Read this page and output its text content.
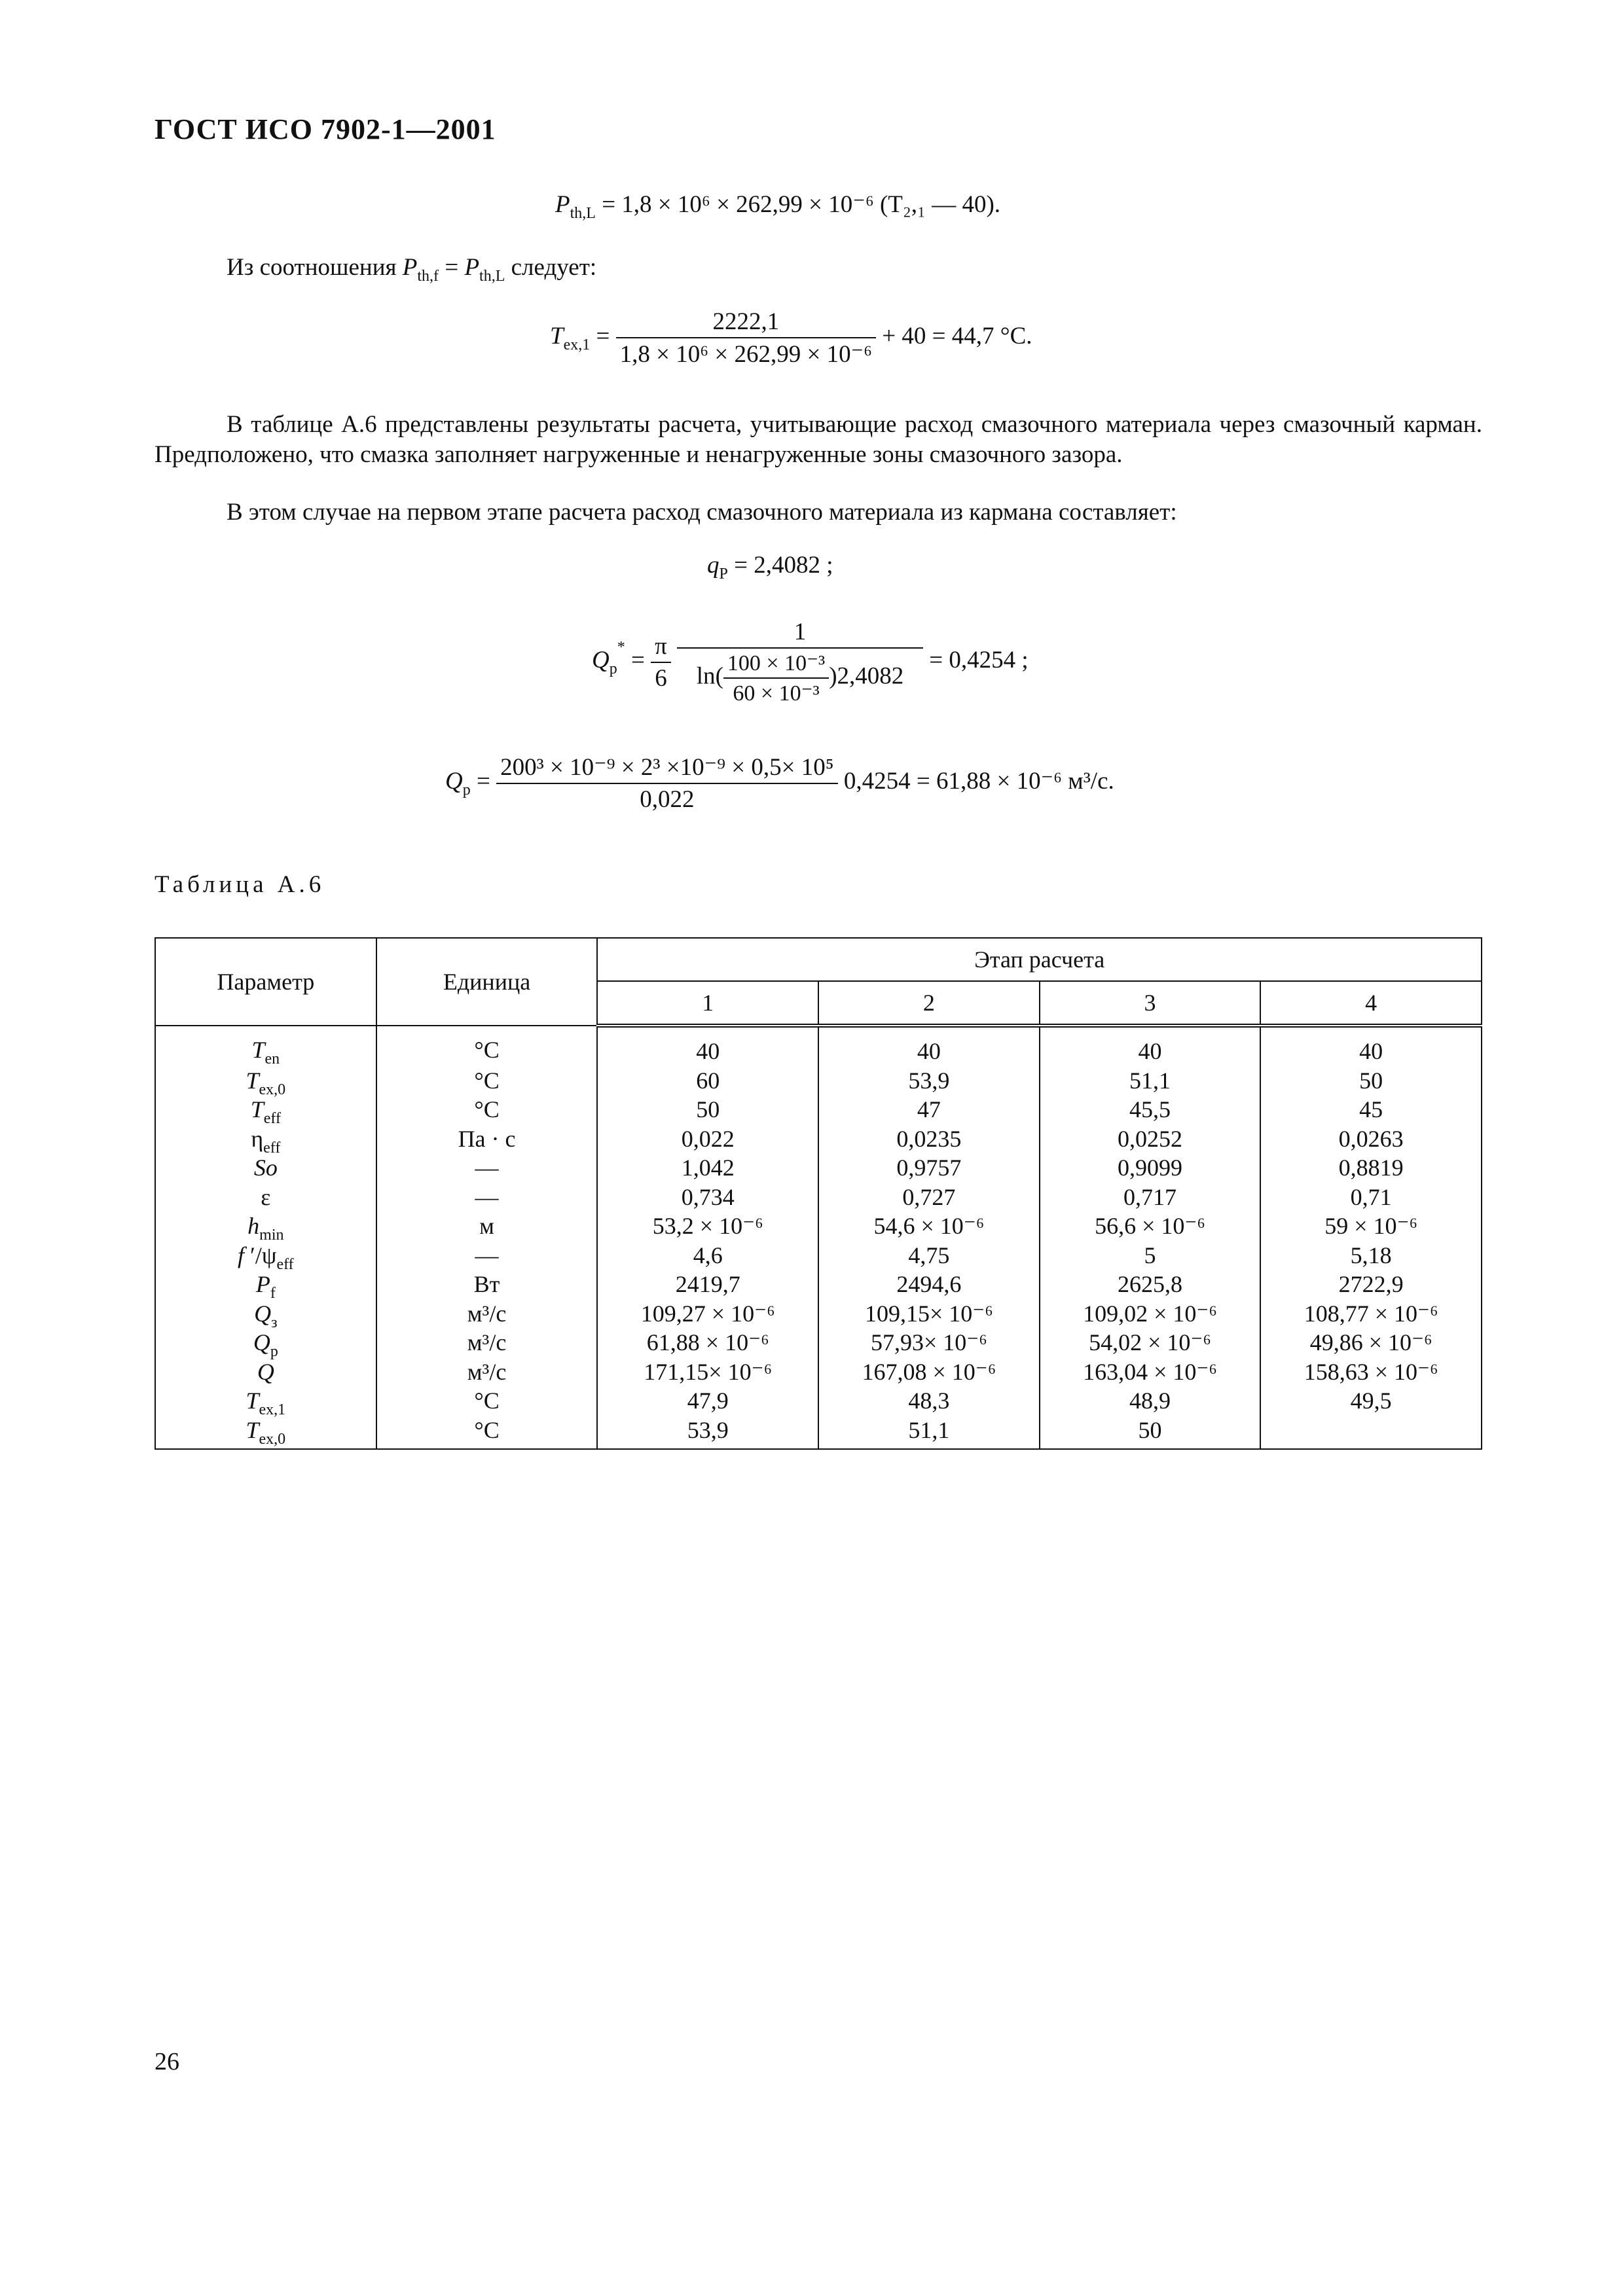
ГОСТ ИСО 7902-1—2001
$P_{th,L} = 1,8 \times 10^6 \times 262,99 \times 10^{-6}$ (T₂,₁ — 40).
Из соотношения $P_{th,f} = P_{th,L}$ следует:
$T_{ex,1} = \frac{2222,1}{\text{1,8 × 10⁶ × 262,99 × 10⁻⁶}} + 40 = 44,7$ °С.
В таблице А.6 представлены результаты расчета, учитывающие расход смазочного материала через смазочный карман. Предположено, что смазка заполняет нагруженные и ненагруженные зоны смазочного зазора.
В этом случае на первом этапе расчета расход смазочного материала из кармана составляет:
$q_P = 2,4082$ ;
$Q_p^* = \frac{\pi}{6}$
$\frac{1}{\ln( \frac{\text{100 × 10⁻³}}{\text{60 × 10⁻³}} )2,4082} = 0,4254$ ;
$Q_p = \frac{\text{200³ × 10⁻⁹ × 2³ ×10⁻⁹ × 0,5× 10⁵}}{0,022} 0,4254 = 61,88 \times 10^{-6}$ м³/с.
Таблица А.6
Параметр	Единица	Этап расчета			
		1	2	3	4
$T_{en}$	°С	40	40	40	40
$T_{ex,0}$	°С	60	53,9	51,1	50
$T_{eff}$	°С	50	47	45,5	45
$\eta_{eff}$	Па · с	0,022	0,0235	0,0252	0,0263
So	—	1,042	0,9757	0,9099	0,8819
ε	—	0,734	0,727	0,717	0,71
$h_{min}$	м	53,2 × 10⁻⁶	54,6 × 10⁻⁶	56,6 × 10⁻⁶	59 × 10⁻⁶
f $'/\psi_{eff}$	—	4,6	4,75	5	5,18
$P_f$	Вт	2419,7	2494,6	2625,8	2722,9
$Q_з$	м³/с	109,27 × 10⁻⁶	109,15× 10⁻⁶	109,02 × 10⁻⁶	108,77 × 10⁻⁶
$Q_p$	м³/с	61,88 × 10⁻⁶	57,93× 10⁻⁶	54,02 × 10⁻⁶	49,86 × 10⁻⁶
Q	м³/с	171,15× 10⁻⁶	167,08 × 10⁻⁶	163,04 × 10⁻⁶	158,63 × 10⁻⁶
$T_{ex,1}$	°С	47,9	48,3	48,9	49,5
$T_{ex,0}$	°С	53,9	51,1	50	
26
